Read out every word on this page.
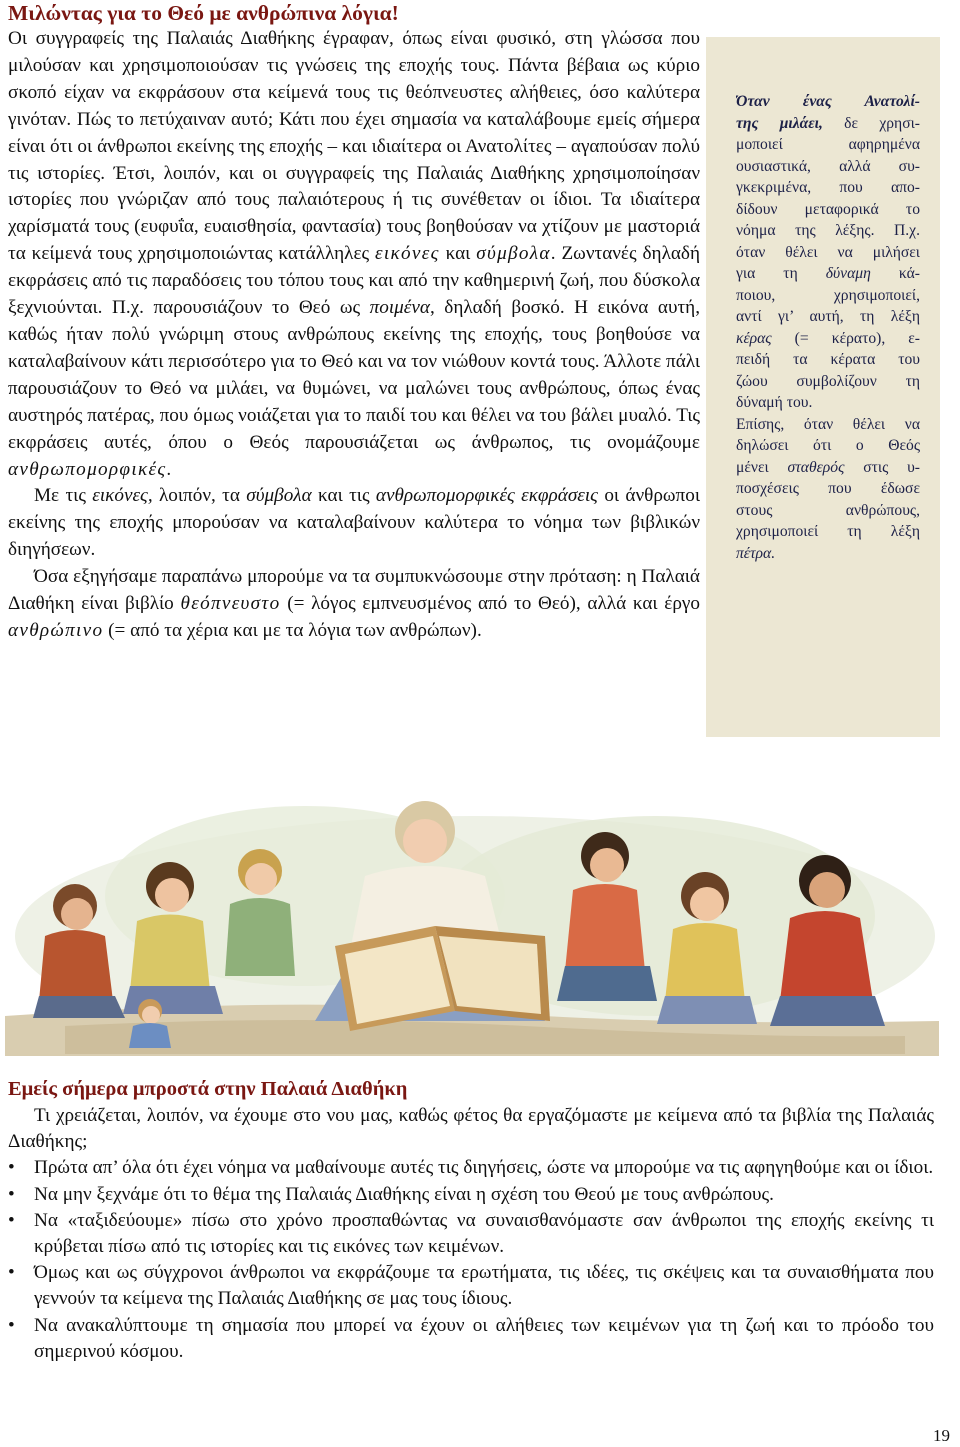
Μιλώντας για το Θεό με ανθρώπινα λόγια!

Οι συγγραφείς της Παλαιάς Διαθήκης έγραφαν, όπως είναι φυσικό, στη γλώσσα που μιλούσαν και χρησιμοποιούσαν τις γνώσεις της εποχής τους. Πάντα βέβαια ως κύριο σκοπό είχαν να εκφράσουν στα κείμενά τους τις θεόπνευστες αλήθειες, όσο καλύτερα γινόταν. Πώς το πετύχαιναν αυτό; Κάτι που έχει σημασία να καταλάβουμε εμείς σήμερα είναι ότι οι άνθρωποι εκείνης της εποχής – και ιδιαίτερα οι Ανατολίτες – αγαπούσαν πολύ τις ιστορίες. Έτσι, λοιπόν, και οι συγγραφείς της Παλαιάς Διαθήκης χρησιμοποίησαν ιστορίες που γνώριζαν από τους παλαιότερους ή τις συνέθεταν οι ίδιοι. Τα ιδιαίτερα χαρίσματά τους (ευφυΐα, ευαισθησία, φαντασία) τους βοηθούσαν να χτίζουν με μαστοριά τα κείμενά τους χρησιμοποιώντας κατάλληλες εικόνες και σύμβολα. Ζωντανές δηλαδή εκφράσεις από τις παραδόσεις του τόπου τους και από την καθημερινή ζωή, που δύσκολα ξεχνιούνται. Π.χ. παρουσιάζουν το Θεό ως ποιμένα, δηλαδή βοσκό. Η εικόνα αυτή, καθώς ήταν πολύ γνώριμη στους ανθρώπους εκείνης της εποχής, τους βοηθούσε να καταλαβαίνουν κάτι περισσότερο για το Θεό και να τον νιώθουν κοντά τους. Άλλοτε πάλι παρουσιάζουν το Θεό να μιλάει, να θυμώνει, να μαλώνει τους ανθρώπους, όπως ένας αυστηρός πατέρας, που όμως νοιάζεται για το παιδί του και θέλει να του βάλει μυαλό. Τις εκφράσεις αυτές, όπου ο Θεός παρουσιάζεται ως άνθρωπος, τις ονομάζουμε ανθρωπομορφικές.

Με τις εικόνες, λοιπόν, τα σύμβολα και τις ανθρωπομορφικές εκφράσεις οι άνθρωποι εκείνης της εποχής μπορούσαν να καταλαβαίνουν καλύτερα το νόημα των βιβλικών διηγήσεων.

Όσα εξηγήσαμε παραπάνω μπορούμε να τα συμπυκνώσουμε στην πρόταση: η Παλαιά Διαθήκη είναι βιβλίο θεόπνευστο (= λόγος εμπνευσμένος από το Θεό), αλλά και έργο ανθρώπινο (= από τα χέρια και με τα λόγια των ανθρώπων).

Όταν ένας Ανατολί-
της μιλάει, δε χρησι-
μοποιεί αφηρημένα
ουσιαστικά, αλλά συ-
γκεκριμένα, που απο-
δίδουν μεταφορικά το
νόημα της λέξης. Π.χ.
όταν θέλει να μιλήσει
για τη δύναμη κά-
ποιου, χρησιμοποιεί,
αντί γι’ αυτή, τη λέξη
κέρας (= κέρατο), ε-
πειδή τα κέρατα του
ζώου συμβολίζουν τη
δύναμή του.
Επίσης, όταν θέλει να
δηλώσει ότι ο Θεός
μένει σταθερός στις υ-
ποσχέσεις που έδωσε
στους ανθρώπους,
χρησιμοποιεί τη λέξη
πέτρα.
Εμείς σήμερα μπροστά στην Παλαιά Διαθήκη

Τι χρειάζεται, λοιπόν, να έχουμε στο νου μας, καθώς φέτος θα εργαζόμαστε με κείμενα από τα βιβλία της Παλαιάς Διαθήκης;

• Πρώτα απ’ όλα ότι έχει νόημα να μαθαίνουμε αυτές τις διηγήσεις, ώστε να μπορούμε να τις αφηγηθούμε και οι ίδιοι.
• Να μην ξεχνάμε ότι το θέμα της Παλαιάς Διαθήκης είναι η σχέση του Θεού με τους ανθρώπους.
• Να «ταξιδεύουμε» πίσω στο χρόνο προσπαθώντας να συναισθανόμαστε σαν άνθρωποι της εποχής εκείνης τι κρύβεται πίσω από τις ιστορίες και τις εικόνες των κειμένων.
• Όμως και ως σύγχρονοι άνθρωποι να εκφράζουμε τα ερωτήματα, τις ιδέες, τις σκέψεις και τα συναισθήματα που γεννούν τα κείμενα της Παλαιάς Διαθήκης σε μας τους ίδιους.
• Να ανακαλύπτουμε τη σημασία που μπορεί να έχουν οι αλήθειες των κειμένων για τη ζωή και το πρόοδο του σημερινού κόσμου.
19
